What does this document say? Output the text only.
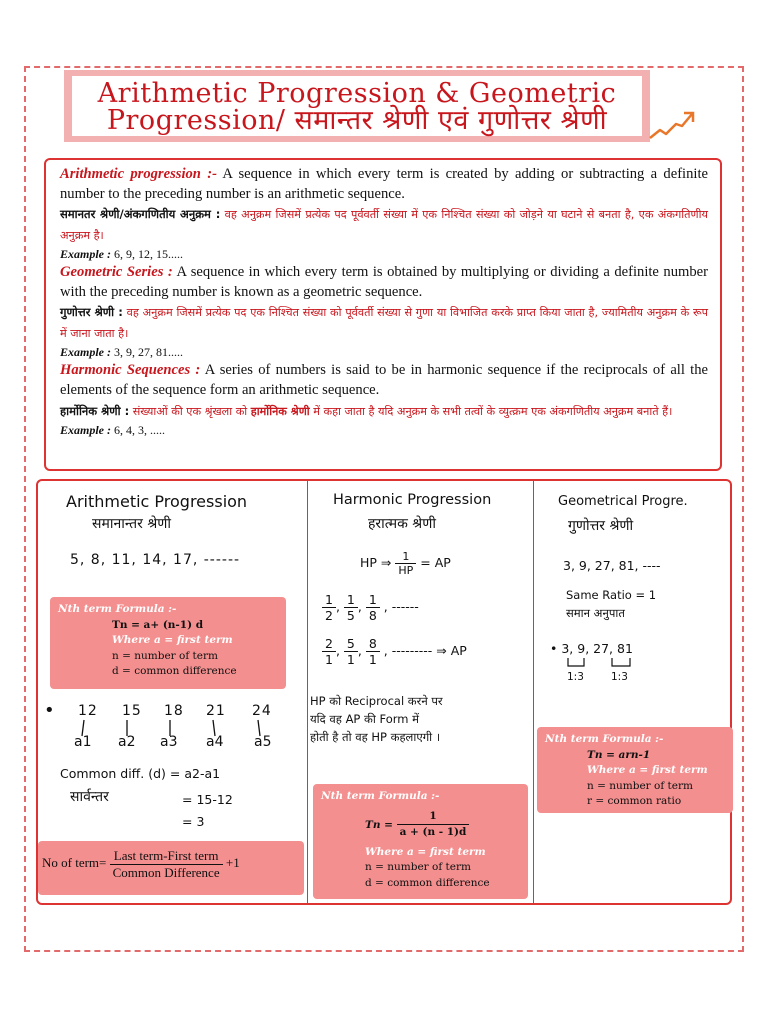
Arithmetic Progression & Geometric
Progression/ समान्तर श्रेणी एवं गुणोत्तर श्रेणी

Arithmetic progression :- A sequence in which every term is created by adding or subtracting a definite number to the preceding number is an arithmetic sequence.

समानतर श्रेणी/अंकगणितीय अनुक्रम : वह अनुक्रम जिसमें प्रत्येक पद पूर्ववर्ती संख्या में एक निश्चित संख्या को जोड़ने या घटाने से बनता है, एक अंकगतिणीय अनुक्रम है।

Example : 6, 9, 12, 15.....

Geometric Series : A sequence in which every term is obtained by multiplying or dividing a definite number with the preceding number is known as a geometric sequence.

गुणोत्तर श्रेणी : वह अनुक्रम जिसमें प्रत्येक पद एक निश्चित संख्या को पूर्ववर्ती संख्या से गुणा या विभाजित करके प्राप्त किया जाता है, ज्यामितीय अनुक्रम के रूप में जाना जाता है।

Example : 3, 9, 27, 81.....

Harmonic Sequences : A series of numbers is said to be in harmonic sequence if the reciprocals of all the elements of the sequence form an arithmetic sequence.

हार्मोनिक श्रेणी : संख्याओं की एक श्रृंखला को हार्मोनिक श्रेणी में कहा जाता है यदि अनुक्रम के सभी तत्वों के व्युत्क्रम एक अंकगणितीय अनुक्रम बनाते हैं।

Example : 6, 4, 3, .....

Arithmetic Progression
समानान्तर श्रेणी
5, 8, 11, 14, 17, ------
Nth term Formula :-
Tn = a+ (n-1) d
Where a = first term
n = number of term
d = common difference
• 12 15 18 21 24
a1 a2 a3 a4 a5
Common diff. (d) = a2-a1
सार्वन्तर	= 15-12
= 3
No of term= $\frac{\text{Last term-First term}}{\text{Common Difference}} +1$
Harmonic Progression
हरात्मक श्रेणी
HP ⇒ $\frac{1}{HP}$ = AP
$\frac{1}{2}$ , $\frac{1}{5}$ , $\frac{1}{8}$ , ------
$\frac{2}{1}$ , $\frac{5}{1}$ , $\frac{8}{1}$ , --------- ⇒ AP
HP को Reciprocal करने पर
यदि वह AP की Form में
होती है तो वह HP कहलाएगी ।
Nth term Formula :-
$Tn = \frac{1}{a + (n - 1)d}$
Where a = first term
n = number of term
d = common difference
Geometrical Progre.
गुणोत्तर श्रेणी
3, 9, 27, 81, ----
Same Ratio = 1
समान अनुपात
• 3, 9, 27, 81
1:3	1:3
Nth term Formula :-
Tn = arn-1
Where a = first term
n = number of term
r = common ratio
